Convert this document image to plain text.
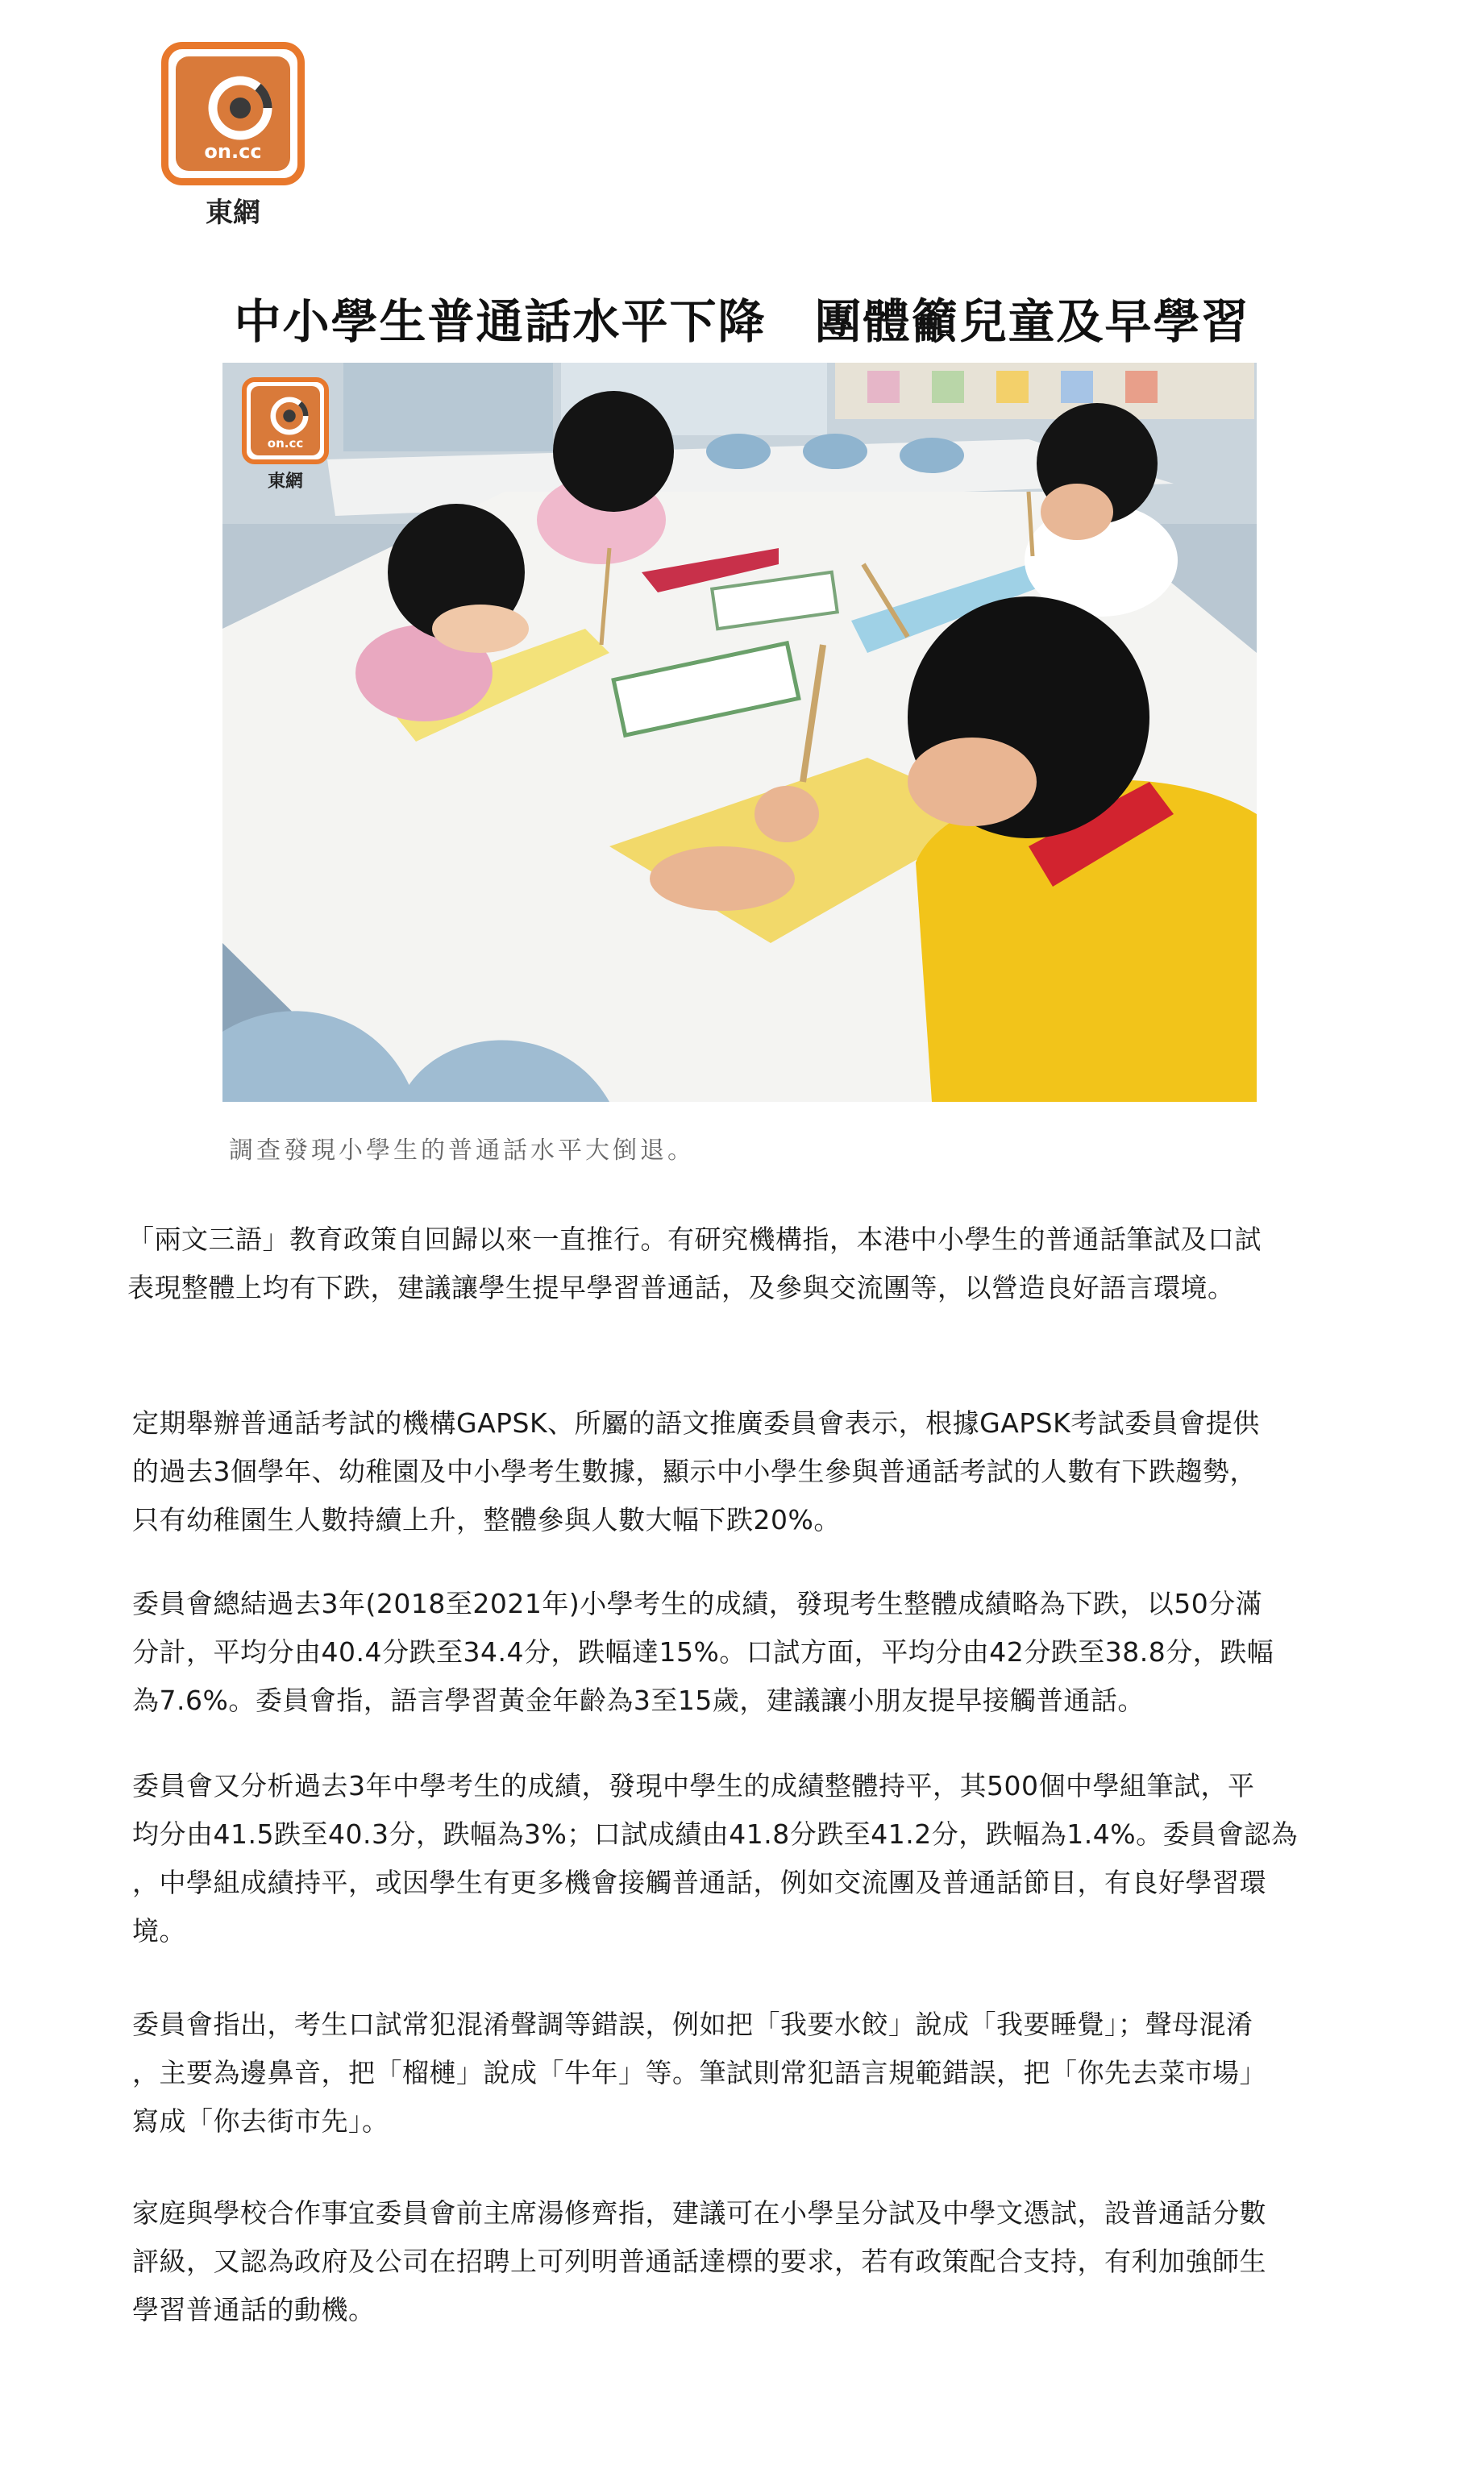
on.cc
東網
中小學生普通話水平下降　團體籲兒童及早學習
on.cc
東網
調查發現小學生的普通話水平大倒退。
「兩文三語」教育政策自回歸以來一直推行。有研究機構指，本港中小學生的普通話筆試及口試
表現整體上均有下跌，建議讓學生提早學習普通話，及參與交流團等，以營造良好語言環境。
定期舉辦普通話考試的機構GAPSK、所屬的語文推廣委員會表示，根據GAPSK考試委員會提供
的過去3個學年、幼稚園及中小學考生數據，顯示中小學生參與普通話考試的人數有下跌趨勢，
只有幼稚園生人數持續上升，整體參與人數大幅下跌20%。
委員會總結過去3年(2018至2021年)小學考生的成績，發現考生整體成績略為下跌，以50分滿
分計，平均分由40.4分跌至34.4分，跌幅達15%。口試方面，平均分由42分跌至38.8分，跌幅
為7.6%。委員會指，語言學習黃金年齡為3至15歲，建議讓小朋友提早接觸普通話。
委員會又分析過去3年中學考生的成績，發現中學生的成績整體持平，其500個中學組筆試，平
均分由41.5跌至40.3分，跌幅為3%；口試成績由41.8分跌至41.2分，跌幅為1.4%。委員會認為
，中學組成績持平，或因學生有更多機會接觸普通話，例如交流團及普通話節目，有良好學習環
境。
委員會指出，考生口試常犯混淆聲調等錯誤，例如把「我要水餃」說成「我要睡覺」；聲母混淆
，主要為邊鼻音，把「榴槤」說成「牛年」等。筆試則常犯語言規範錯誤，把「你先去菜市場」
寫成「你去街市先」。
家庭與學校合作事宜委員會前主席湯修齊指，建議可在小學呈分試及中學文憑試，設普通話分數
評級，又認為政府及公司在招聘上可列明普通話達標的要求，若有政策配合支持，有利加強師生
學習普通話的動機。
